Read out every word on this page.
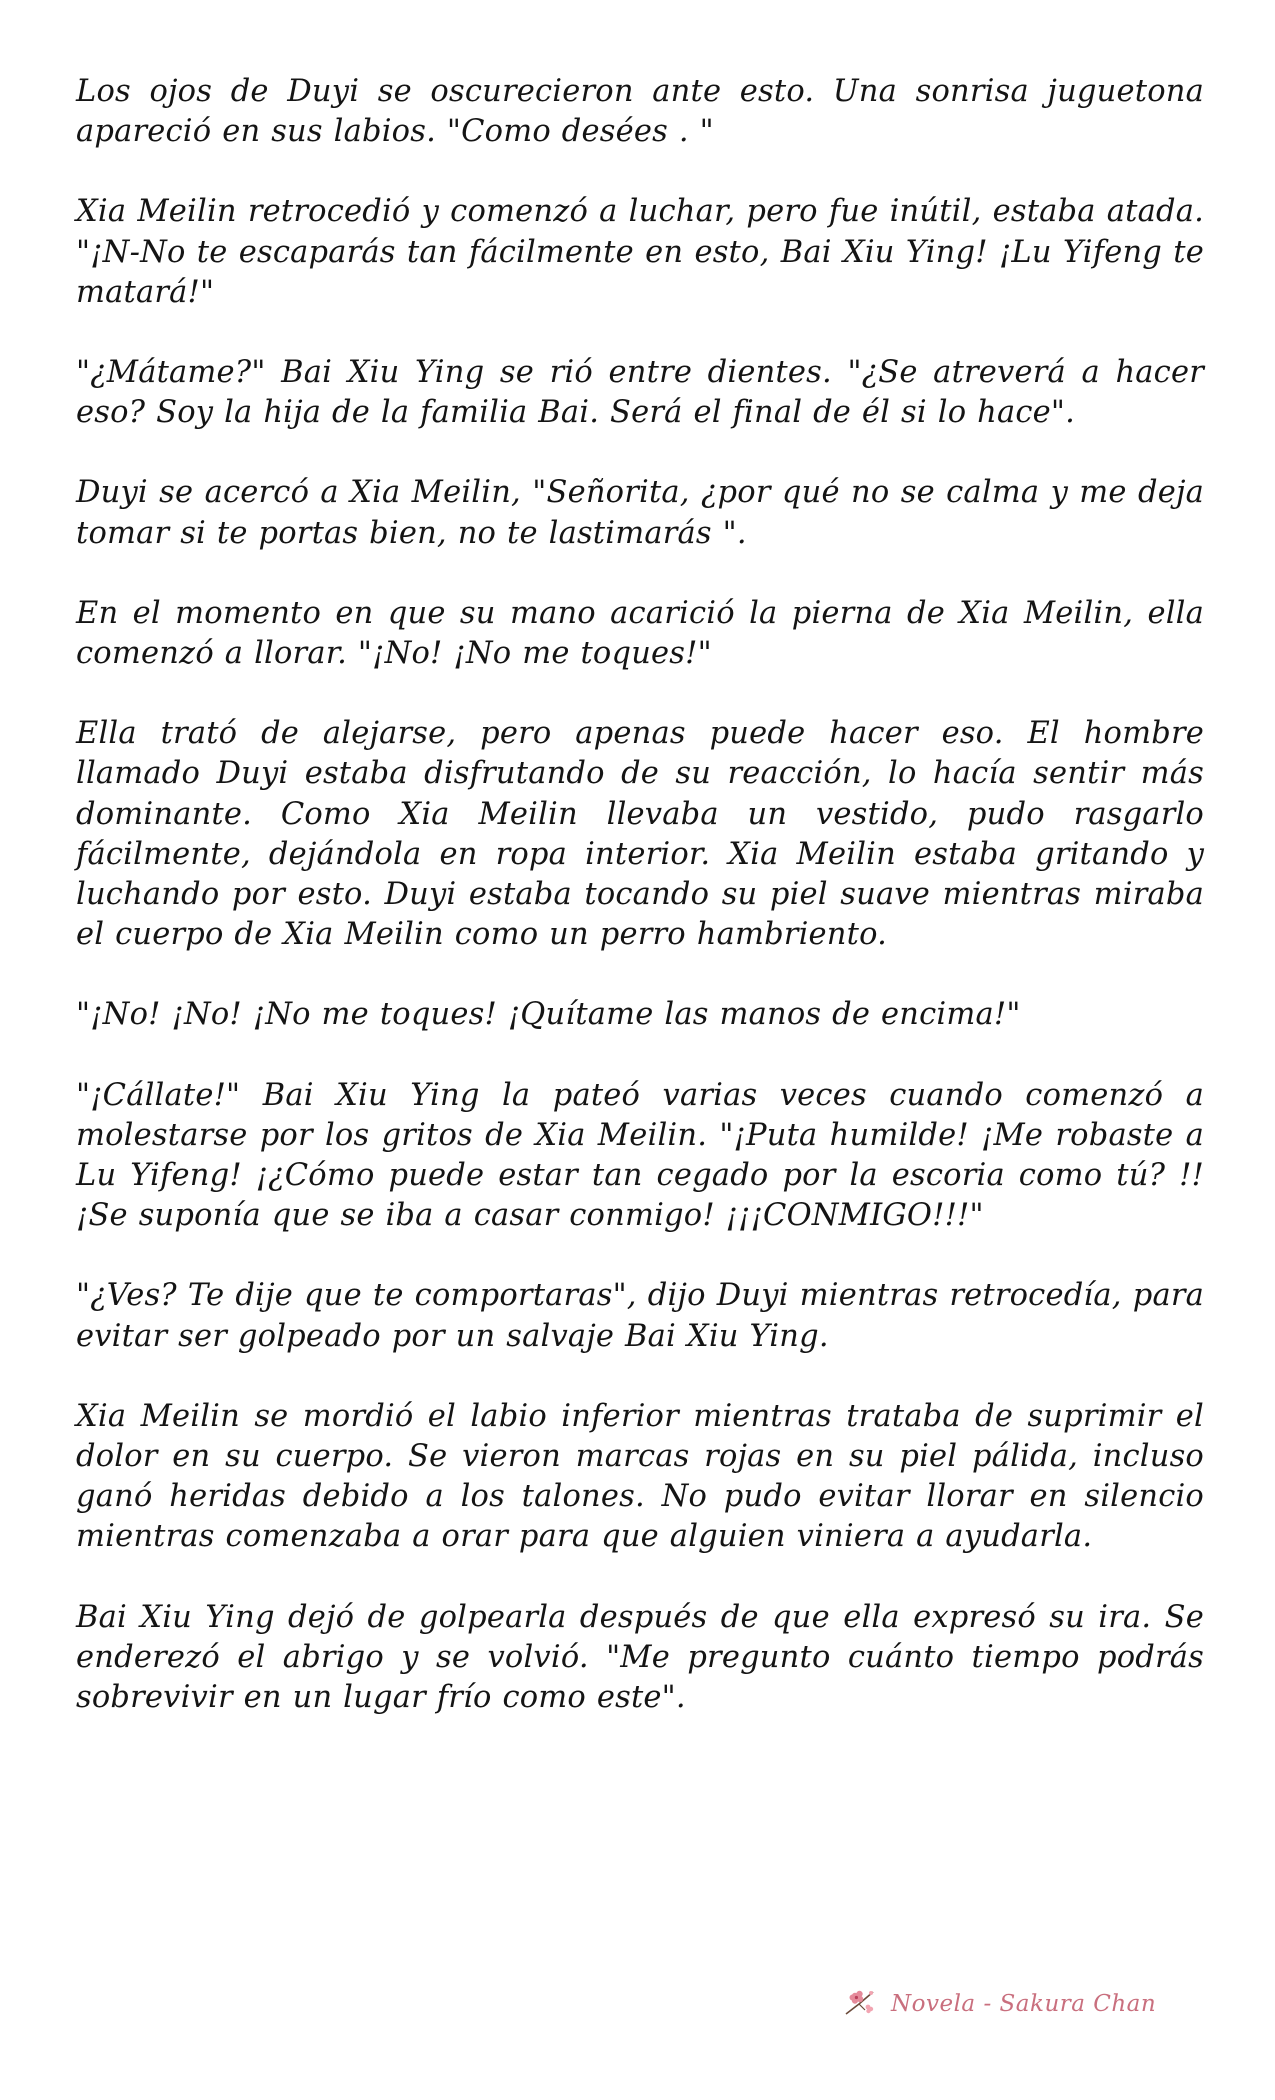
Los ojos de Duyi se oscurecieron ante esto. Una sonrisa juguetona apareció en sus labios. "Como desées . "

Xia Meilin retrocedió y comenzó a luchar, pero fue inútil, estaba atada. "¡N-No te escaparás tan fácilmente en esto, Bai Xiu Ying! ¡Lu Yifeng te matará!"

"¿Mátame?" Bai Xiu Ying se rió entre dientes. "¿Se atreverá a hacer eso? Soy la hija de la familia Bai. Será el final de él si lo hace".

Duyi se acercó a Xia Meilin, "Señorita, ¿por qué no se calma y me deja tomar si te portas bien, no te lastimarás ".

En el momento en que su mano acarició la pierna de Xia Meilin, ella comenzó a llorar. "¡No! ¡No me toques!"

Ella trató de alejarse, pero apenas puede hacer eso. El hombre llamado Duyi estaba disfrutando de su reacción, lo hacía sentir más dominante. Como Xia Meilin llevaba un vestido, pudo rasgarlo fácilmente, dejándola en ropa interior. Xia Meilin estaba gritando y luchando por esto. Duyi estaba tocando su piel suave mientras miraba el cuerpo de Xia Meilin como un perro hambriento.

"¡No! ¡No! ¡No me toques! ¡Quítame las manos de encima!"

"¡Cállate!" Bai Xiu Ying la pateó varias veces cuando comenzó a molestarse por los gritos de Xia Meilin. "¡Puta humilde! ¡Me robaste a Lu Yifeng! ¡¿Cómo puede estar tan cegado por la escoria como tú? !! ¡Se suponía que se iba a casar conmigo! ¡¡¡CONMIGO!!!"

"¿Ves? Te dije que te comportaras", dijo Duyi mientras retrocedía, para evitar ser golpeado por un salvaje Bai Xiu Ying.

Xia Meilin se mordió el labio inferior mientras trataba de suprimir el dolor en su cuerpo. Se vieron marcas rojas en su piel pálida, incluso ganó heridas debido a los talones. No pudo evitar llorar en silencio mientras comenzaba a orar para que alguien viniera a ayudarla.

Bai Xiu Ying dejó de golpearla después de que ella expresó su ira. Se enderezó el abrigo y se volvió. "Me pregunto cuánto tiempo podrás sobrevivir en un lugar frío como este".

Novela - Sakura Chan
